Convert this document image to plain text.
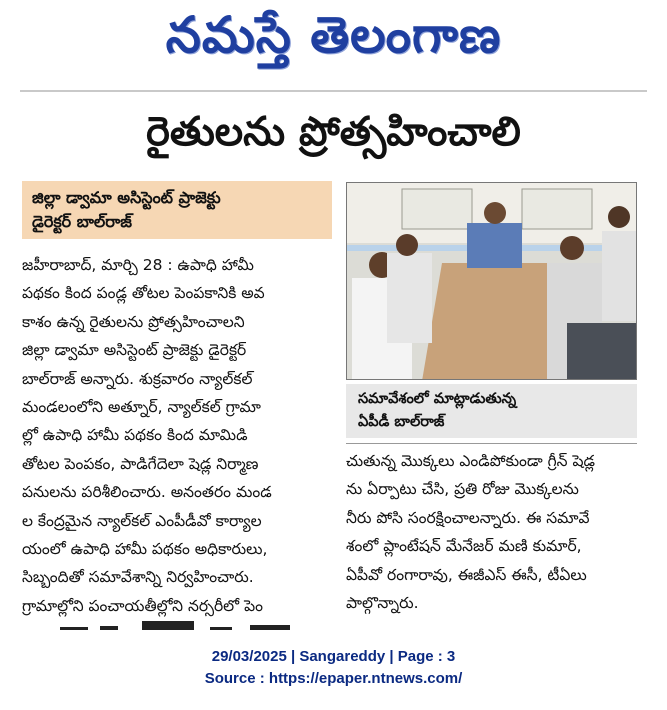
నమస్తే తెలంగాణ
రైతులను ప్రోత్సహించాలి
జిల్లా డ్వామా అసిస్టెంట్ ప్రాజెక్టు
డైరెక్టర్ బాల్‌రాజ్

జహీరాబాద్, మార్చి 28 : ఉపాధి హామీ

పథకం కింద పండ్ల తోటల పెంపకానికి అవ

కాశం ఉన్న రైతులను ప్రోత్సహించాలని

జిల్లా డ్వామా అసిస్టెంట్ ప్రాజెక్టు డైరెక్టర్

బాల్‌రాజ్ అన్నారు. శుక్రవారం న్యాల్‌కల్

మండలంలోని అత్నూర్, న్యాల్‌కల్ గ్రామా

ల్లో ఉపాధి హామీ పథకం కింద మామిడి

తోటల పెంపకం, పాడిగేదెలా షెడ్ల నిర్మాణ

పనులను పరిశీలించారు. అనంతరం మండ

ల కేంద్రమైన న్యాల్‌కల్ ఎంపీడీవో కార్యాల

యంలో ఉపాధి హామీ పథకం అధికారులు,

సిబ్బందితో సమావేశాన్ని నిర్వహించారు.

గ్రామాల్లోని పంచాయతీల్లోని నర్సరీలో పెం

సమావేశంలో మాట్లాడుతున్న
ఏపీడీ బాల్‌రాజ్

చుతున్న మొక్కలు ఎండిపోకుండా గ్రీన్ షెడ్ల

ను ఏర్పాటు చేసి, ప్రతి రోజు మొక్కలను

నీరు పోసి సంరక్షించాలన్నారు. ఈ సమావే

శంలో ప్లాంటేషన్ మేనేజర్ మణి కుమార్,

ఏపీవో రంగారావు, ఈజీఎస్ ఈసీ, టీఏలు

పాల్గొన్నారు.

29/03/2025 | Sangareddy | Page : 3
Source : https://epaper.ntnews.com/
